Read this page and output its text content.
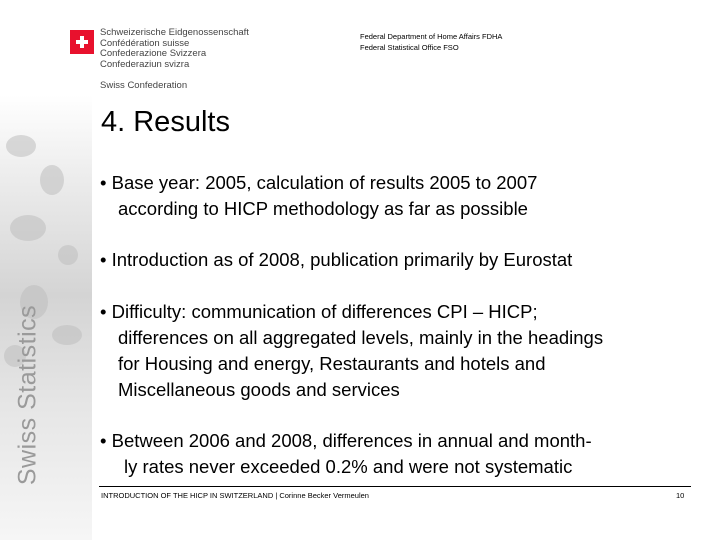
Swiss Statistics
Schweizerische Eidgenossenschaft
Confédération suisse
Confederazione Svizzera
Confederaziun svizra
Swiss Confederation
Federal Department of Home Affairs FDHA
Federal Statistical Office FSO
4. Results
• Base year: 2005, calculation of results 2005 to 2007
according to HICP methodology as far as possible
• Introduction as of 2008, publication primarily by Eurostat
• Difficulty: communication of differences CPI – HICP;
differences on all aggregated levels, mainly in the headings
for Housing and energy, Restaurants and hotels and
Miscellaneous goods and services
• Between 2006 and 2008, differences in annual and month-
ly rates never exceeded 0.2% and were not systematic
INTRODUCTION OF THE HICP IN SWITZERLAND | Corinne Becker Vermeulen	10
